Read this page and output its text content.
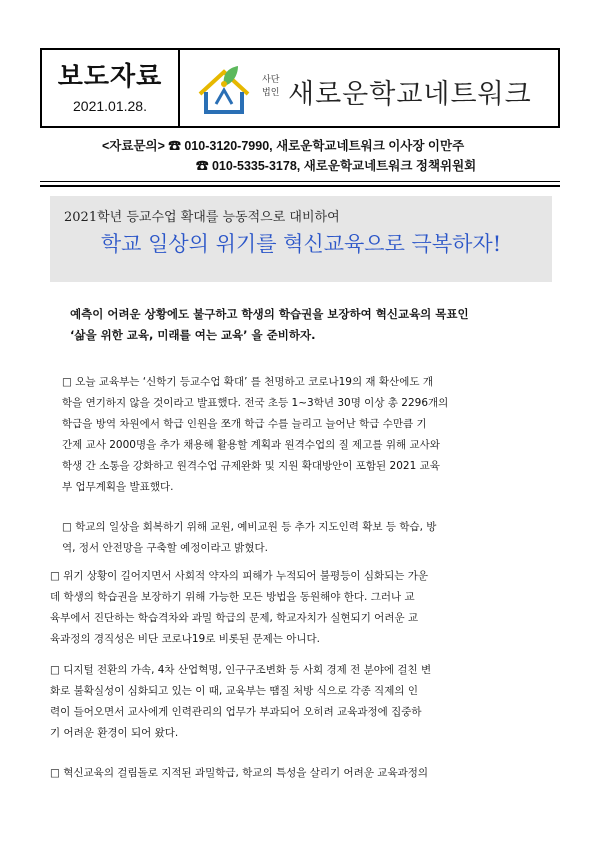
보도자료
2021.01.28.
사단
법인 새로운학교네트워크
<자료문의> ☎ 010-3120-7990, 새로운학교네트워크 이사장 이만주
☎ 010-5335-3178, 새로운학교네트워크 정책위원회
2021학년 등교수업 확대를 능동적으로 대비하여
학교 일상의 위기를 혁신교육으로 극복하자!
예측이 어려운 상황에도 불구하고 학생의 학습권을 보장하여 혁신교육의 목표인
‘삶을 위한 교육, 미래를 여는 교육’ 을 준비하자.
□ 오늘 교육부는 ‘신학기 등교수업 확대’ 를 천명하고 코로나19의 재 확산에도 개
학을 연기하지 않을 것이라고 발표했다. 전국 초등 1~3학년 30명 이상 총 2296개의
학급을 방역 차원에서 학급 인원을 쪼개 학급 수를 늘리고 늘어난 학급 수만큼 기
간제 교사 2000명을 추가 채용해 활용할 계획과 원격수업의 질 제고를 위해 교사와
학생 간 소통을 강화하고 원격수업 규제완화 및 지원 확대방안이 포함된 2021 교육
부 업무계획을 발표했다.
□ 학교의 일상을 회복하기 위해 교원, 예비교원 등 추가 지도인력 확보 등 학습, 방
역, 정서 안전망을 구축할 예정이라고 밝혔다.
□ 위기 상황이 길어지면서 사회적 약자의 피해가 누적되어 불평등이 심화되는 가운
데 학생의 학습권을 보장하기 위해 가능한 모든 방법을 동원해야 한다. 그러나 교
육부에서 진단하는 학습격차와 과밀 학급의 문제, 학교자치가 실현되기 어려운 교
육과정의 경직성은 비단 코로나19로 비롯된 문제는 아니다.
□ 디지털 전환의 가속, 4차 산업혁명, 인구구조변화 등 사회 경제 전 분야에 걸친 변
화로 불확실성이 심화되고 있는 이 때, 교육부는 땜질 처방 식으로 각종 직제의 인
력이 들어오면서 교사에게 인력관리의 업무가 부과되어 오히려 교육과정에 집중하
기 어려운 환경이 되어 왔다.
□ 혁신교육의 걸림돌로 지적된 과밀학급, 학교의 특성을 살리기 어려운 교육과정의
